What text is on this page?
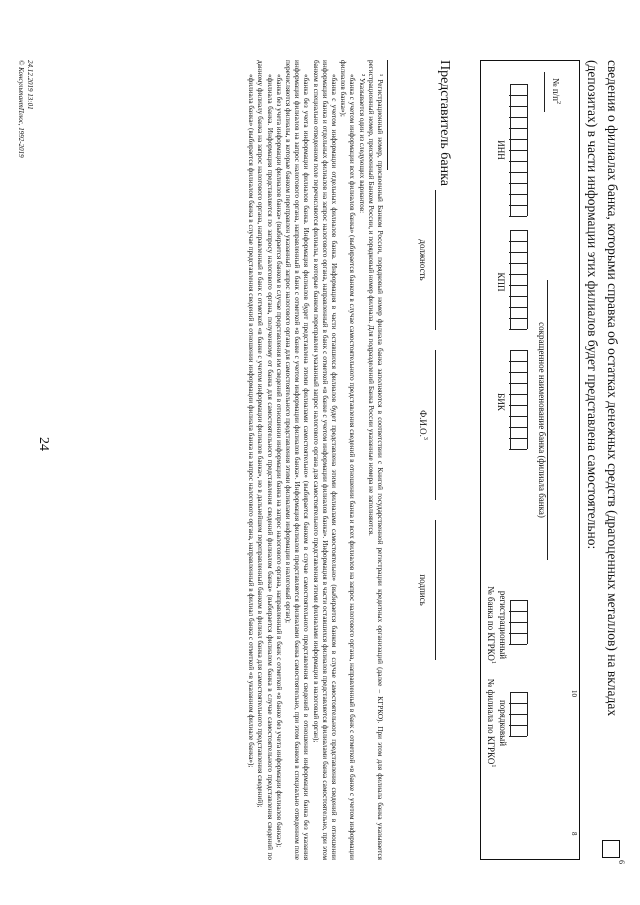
24	сведения о филиалах банка, которыми справка об остатках денежных средств (драгоценных металлов) на вкладах
(депозитах) в части информации этих филиалов будет представлена самостоятельно:
6
№ $п/п^2$
10
8
сокращенное наименование банка (филиала банка)
ИНН
КПП
БИК
регистрационный
№ банка по КГРКО$^1$
порядковый
№ филиала по КГРКО$^1$
Представитель банка
должность
Ф.И.О.$^3$
подпись

¹ Регистрационный номер, присвоенный Банком России, порядковый номер филиала банка заполняются в соответствии с Книгой государственной регистрации кредитных организаций (далее – КГРКО). При этом для филиала банка указывается регистрационный номер, присвоенный Банком России, и порядковый номер филиала. Для подразделений Банка России указанные номера не заполняются.

² Указывается один из следующих вариантов:

«банка с учетом информации всех филиалов банка» (выбирается банком в случае самостоятельного представления сведений в отношении банка и всех филиалов на запрос налогового органа, направленный в банк с отметкой «в банке с учетом информации филиалов банка»);

«банка с учетом информации отдельных филиалов банка. Информация в части оставшихся филиалов будет представлена этими филиалами самостоятельно» (выбирается банком в случае самостоятельного представления сведений в отношении информации банка и отдельных филиалов на запрос налогового органа, направленный в банк с отметкой «в банке с учетом информации филиалов банка». Информация в части оставшихся филиалов представляется филиалами банка самостоятельно, при этом банком в специально отведенном поле перечисляются филиалы, в которые банком переправлен указанный запрос налогового органа для самостоятельного представления этими филиалами информации в налоговый орган);

«банка без учета информации филиалов банка. Информация филиалов будет представлена этими филиалами самостоятельно» (выбирается банком в случае самостоятельного представления сведений в отношении информации банка без указания информации филиалов на запрос налогового органа, направленный в банк с отметкой «в банке с учетом информации филиалов банка». Информация филиалов представляется филиалами банка самостоятельно, при этом банком в специально отведенном поле перечисляются филиалы, в которые банком переправлен указанный запрос налогового органа для самостоятельного представления этими филиалами информации в налоговый орган);

«банка без учета информации филиалов банка» (выбирается банком в случае представления им сведений в отношении информации банка на запрос налогового органа, направленный в банк с отметкой «в банке без учета информации филиалов банка»);

«филиала банка. Информация представляется по запросу налогового органа, полученному от банка для самостоятельного представления сведений филиалом банка» (выбирается филиалом банка в случае самостоятельного представления сведений по данному филиалу банка на запрос налогового органа, направленный в банк с отметкой «в банке с учетом информации филиалов банка», но в дальнейшем переправленный банком в филиал банка для самостоятельного представления сведений);

«филиала банка» (выбирается филиалом банка в случае представления сведений в отношении информации филиала банка на запрос налогового органа, направленный в филиал банка с отметкой «в указанном филиале банка»);

24.12.2019 13:01
© КонсультантПлюс, 1992-2019
